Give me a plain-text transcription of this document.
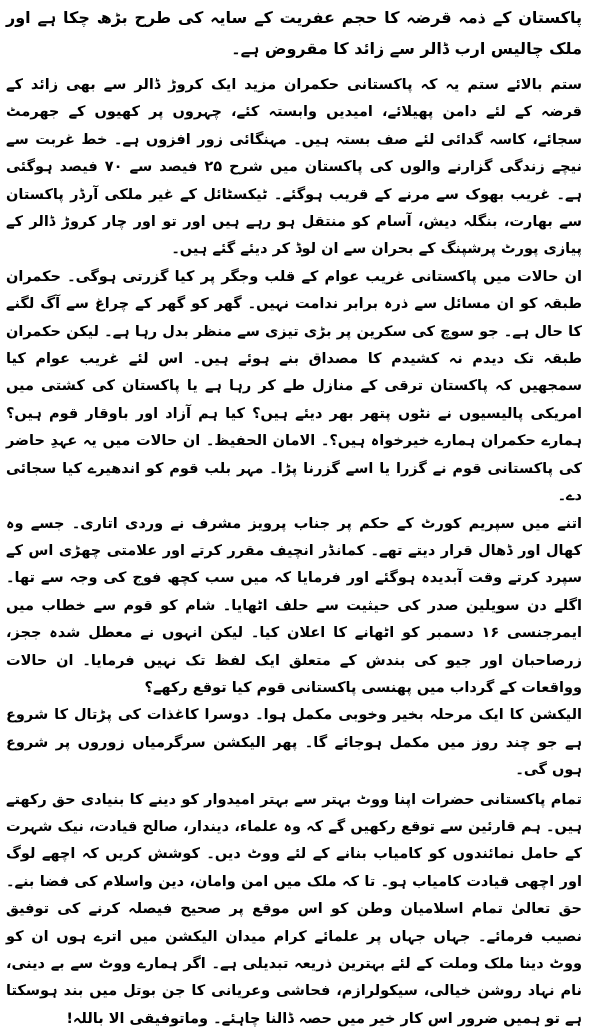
پاکستان کے ذمہ قرضہ کا حجم عفریت کے سایہ کی طرح بڑھ چکا ہے اور ملک چالیس ارب ڈالر سے زائد کا مقروض ہے۔

ستم بالائے ستم یہ کہ پاکستانی حکمران مزید ایک کروڑ ڈالر سے بھی زائد کے قرضہ کے لئے دامن پھیلائے، امیدیں وابستہ کئے، چہروں پر کھیوں کے جھرمٹ سجائے، کاسہ گدائی لئے صف بستہ ہیں۔ مہنگائی زور افزوں ہے۔ خط غربت سے نیچے زندگی گزارنے والوں کی پاکستان میں شرح ۲۵ فیصد سے ۷۰ فیصد ہوگئی ہے۔ غریب بھوک سے مرنے کے قریب ہوگئے۔ ٹیکسٹائل کے غیر ملکی آرڈر پاکستان سے بھارت، بنگلہ دیش، آسام کو منتقل ہو رہے ہیں اور تو اور چار کروڑ ڈالر کے پیازی پورٹ پرشپنگ کے بحران سے ان لوڈ کر دیئے گئے ہیں۔

ان حالات میں پاکستانی غریب عوام کے قلب وجگر پر کیا گزرتی ہوگی۔ حکمران طبقہ کو ان مسائل سے ذرہ برابر ندامت نہیں۔ گھر کو گھر کے چراغ سے آگ لگنے کا حال ہے۔ جو سوچ کی سکرین پر بڑی تیزی سے منظر بدل رہا ہے۔ لیکن حکمران طبقہ تک دیدم نہ کشیدم کا مصداق بنے ہوئے ہیں۔ اس لئے غریب عوام کیا سمجھیں کہ پاکستان ترقی کے منازل طے کر رہا ہے یا پاکستان کی کشتی میں امریکی پالیسیوں نے نٹوں پتھر بھر دیئے ہیں؟ کیا ہم آزاد اور باوقار قوم ہیں؟ ہمارے حکمران ہمارے خیرخواہ ہیں؟۔ الامان الحفیظ۔ ان حالات میں یہ عہدِ حاضر کی پاکستانی قوم نے گزرا یا اسے گزرنا پڑا۔ مہر بلب قوم کو اندھیرے کیا سجائی دے۔

اتنے میں سپریم کورٹ کے حکم پر جناب پرویز مشرف نے وردی اتاری۔ جسے وہ کھال اور ڈھال قرار دیتے تھے۔ کمانڈر انچیف مقرر کرتے اور علامتی چھڑی اس کے سپرد کرتے وقت آبدیدہ ہوگئے اور فرمایا کہ میں سب کچھ فوج کی وجہ سے تھا۔ اگلے دن سویلین صدر کی حیثیت سے حلف اٹھایا۔ شام کو قوم سے خطاب میں ایمرجنسی ۱۶ دسمبر کو اٹھانے کا اعلان کیا۔ لیکن انہوں نے معطل شدہ ججز، زرصاحبان اور جیو کی بندش کے متعلق ایک لفظ تک نہیں فرمایا۔ ان حالات وواقعات کے گرداب میں پھنسی پاکستانی قوم کیا توقع رکھے؟

الیکشن کا ایک مرحلہ بخیر وخوبی مکمل ہوا۔ دوسرا کاغذات کی پڑتال کا شروع ہے جو چند روز میں مکمل ہوجائے گا۔ پھر الیکشن سرگرمیاں زوروں پر شروع ہوں گی۔

تمام پاکستانی حضرات اپنا ووٹ بہتر سے بہتر امیدوار کو دینے کا بنیادی حق رکھتے ہیں۔ ہم قارئین سے توقع رکھیں گے کہ وہ علماء، دیندار، صالح قیادت، نیک شہرت کے حامل نمائندوں کو کامیاب بنانے کے لئے ووٹ دیں۔ کوشش کریں کہ اچھے لوگ اور اچھی قیادت کامیاب ہو۔ تا کہ ملک میں امن وامان، دین واسلام کی فضا بنے۔ حق تعالیٰ تمام اسلامیان وطن کو اس موقع پر صحیح فیصلہ کرنے کی توفیق نصیب فرمائے۔ جہاں جہاں پر علمائے کرام میدان الیکشن میں اترے ہوں ان کو ووٹ دینا ملک وملت کے لئے بہترین ذریعہ تبدیلی ہے۔ اگر ہمارے ووٹ سے بے دینی، نام نہاد روشن خیالی، سیکولرازم، فحاشی وعریانی کا جن بوتل میں بند ہوسکتا ہے تو ہمیں ضرور اس کار خیر میں حصہ ڈالنا چاہئے۔ وماتوفیقی الا باللہ!
